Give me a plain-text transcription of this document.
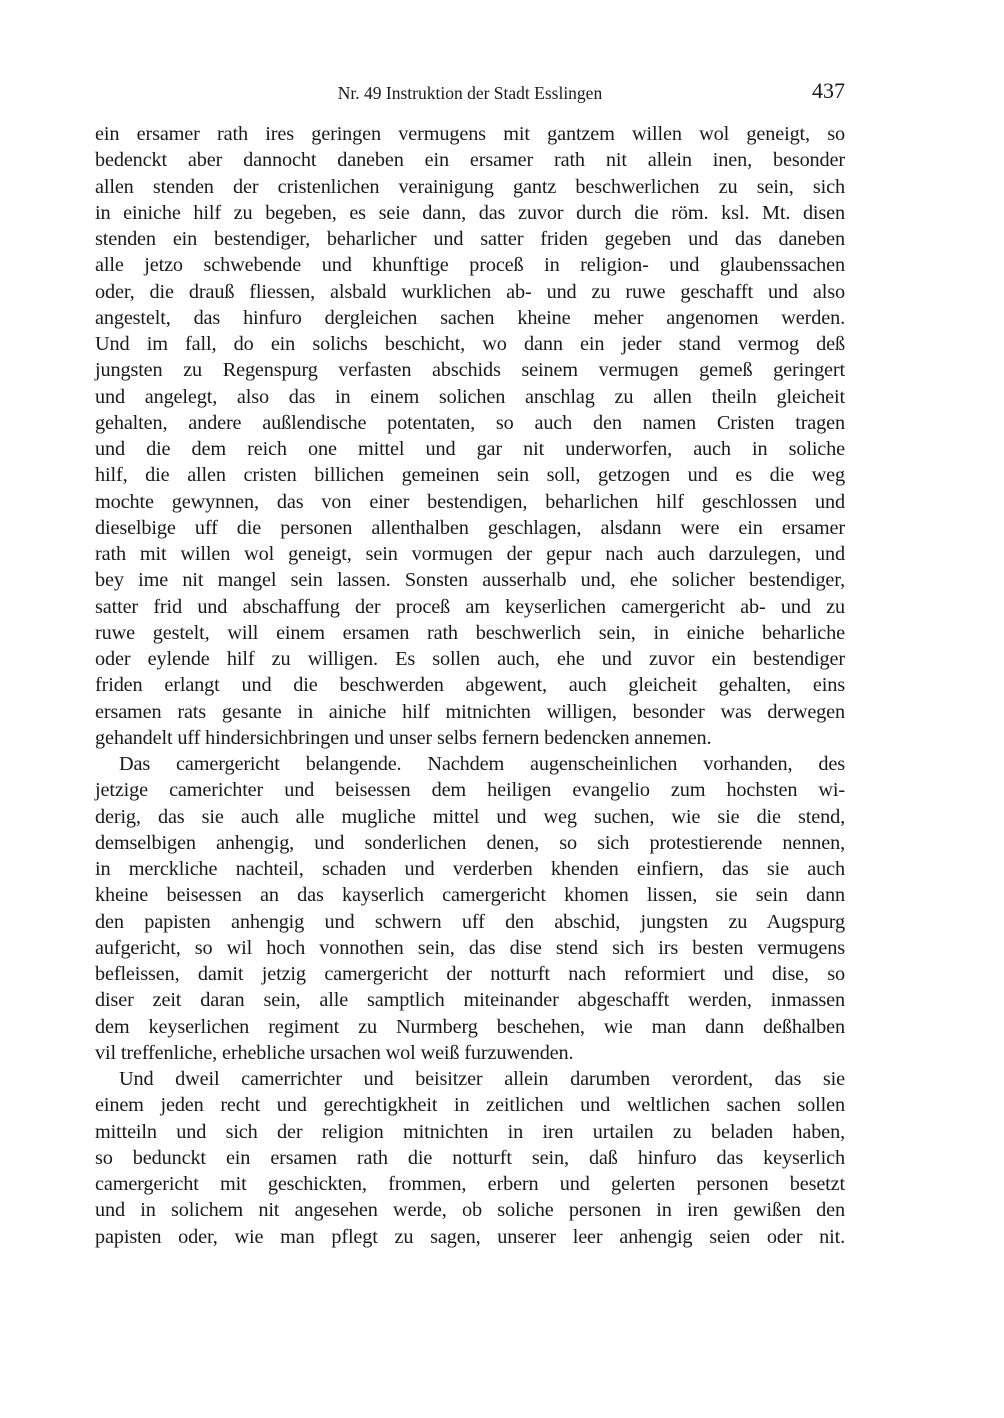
Nr. 49 Instruktion der Stadt Esslingen	437
ein ersamer rath ires geringen vermugens mit gantzem willen wol geneigt, so
bedenckt aber dannocht daneben ein ersamer rath nit allein inen, besonder
allen stenden der cristenlichen verainigung gantz beschwerlichen zu sein, sich
in einiche hilf zu begeben, es seie dann, das zuvor durch die röm. ksl. Mt. disen
stenden ein bestendiger, beharlicher und satter friden gegeben und das daneben
alle jetzo schwebende und khunftige proceß in religion- und glaubenssachen
oder, die drauß fliessen, alsbald wurklichen ab- und zu ruwe geschafft und also
angestelt, das hinfuro dergleichen sachen kheine meher angenomen werden.
Und im fall, do ein solichs beschicht, wo dann ein jeder stand vermog deß
jungsten zu Regenspurg verfasten abschids seinem vermugen gemeß geringert
und angelegt, also das in einem solichen anschlag zu allen theiln gleicheit
gehalten, andere außlendische potentaten, so auch den namen Cristen tragen
und die dem reich one mittel und gar nit underworfen, auch in soliche
hilf, die allen cristen billichen gemeinen sein soll, getzogen und es die weg
mochte gewynnen, das von einer bestendigen, beharlichen hilf geschlossen und
dieselbige uff die personen allenthalben geschlagen, alsdann were ein ersamer
rath mit willen wol geneigt, sein vormugen der gepur nach auch darzulegen, und
bey ime nit mangel sein lassen. Sonsten ausserhalb und, ehe solicher bestendiger,
satter frid und abschaffung der proceß am keyserlichen camergericht ab- und zu
ruwe gestelt, will einem ersamen rath beschwerlich sein, in einiche beharliche
oder eylende hilf zu willigen. Es sollen auch, ehe und zuvor ein bestendiger
friden erlangt und die beschwerden abgewent, auch gleicheit gehalten, eins
ersamen rats gesante in ainiche hilf mitnichten willigen, besonder was derwegen
gehandelt uff hindersichbringen und unser selbs fernern bedencken annemen.
Das camergericht belangende. Nachdem augenscheinlichen vorhanden, des
jetzige camerichter und beisessen dem heiligen evangelio zum hochsten wi-
derig, das sie auch alle mugliche mittel und weg suchen, wie sie die stend,
demselbigen anhengig, und sonderlichen denen, so sich protestierende nennen,
in merckliche nachteil, schaden und verderben khenden einfiern, das sie auch
kheine beisessen an das kayserlich camergericht khomen lissen, sie sein dann
den papisten anhengig und schwern uff den abschid, jungsten zu Augspurg
aufgericht, so wil hoch vonnothen sein, das dise stend sich irs besten vermugens
befleissen, damit jetzig camergericht der notturft nach reformiert und dise, so
diser zeit daran sein, alle samptlich miteinander abgeschafft werden, inmassen
dem keyserlichen regiment zu Nurmberg beschehen, wie man dann deßhalben
vil treffenliche, erhebliche ursachen wol weiß furzuwenden.
Und dweil camerrichter und beisitzer allein darumben verordent, das sie
einem jeden recht und gerechtigkheit in zeitlichen und weltlichen sachen sollen
mitteiln und sich der religion mitnichten in iren urtailen zu beladen haben,
so bedunckt ein ersamen rath die notturft sein, daß hinfuro das keyserlich
camergericht mit geschickten, frommen, erbern und gelerten personen besetzt
und in solichem nit angesehen werde, ob soliche personen in iren gewißen den
papisten oder, wie man pflegt zu sagen, unserer leer anhengig seien oder nit.
